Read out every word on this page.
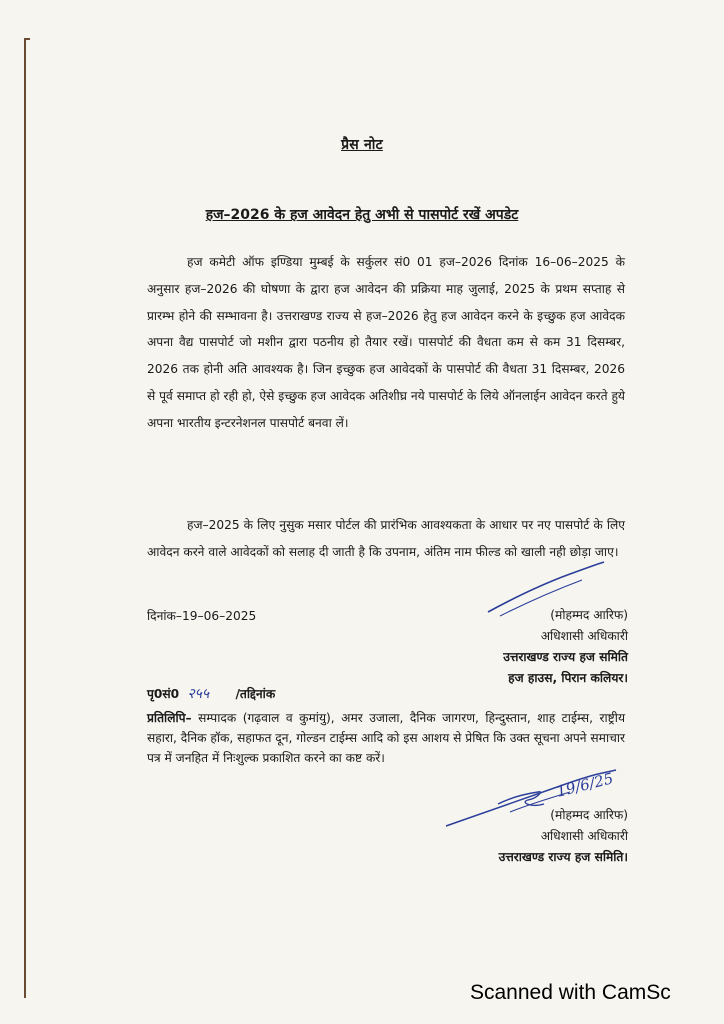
प्रैस नोट
हज–2026 के हज आवेदन हेतु अभी से पासपोर्ट रखें अपडेट
हज कमेटी ऑफ इण्डिया मुम्बई के सर्कुलर सं0 01 हज–2026 दिनांक 16–06–2025 के अनुसार हज–2026 की घोषणा के द्वारा हज आवेदन की प्रक्रिया माह जुलाई, 2025 के प्रथम सप्ताह से प्रारम्भ होने की सम्भावना है। उत्तराखण्ड राज्य से हज–2026 हेतु हज आवेदन करने के इच्छुक हज आवेदक अपना वैद्य पासपोर्ट जो मशीन द्वारा पठनीय हो तैयार रखें। पासपोर्ट की वैधता कम से कम 31 दिसम्बर, 2026 तक होनी अति आवश्यक है। जिन इच्छुक हज आवेदकों के पासपोर्ट की वैधता 31 दिसम्बर, 2026 से पूर्व समाप्त हो रही हो, ऐसे इच्छुक हज आवेदक अतिशीघ्र नये पासपोर्ट के लिये ऑनलाईन आवेदन करते हुये अपना भारतीय इन्टरनेशनल पासपोर्ट बनवा लें।
हज–2025 के लिए नुसुक मसार पोर्टल की प्रारंभिक आवश्यकता के आधार पर नए पासपोर्ट के लिए आवेदन करने वाले आवेदकों को सलाह दी जाती है कि उपनाम, अंतिम नाम फील्ड को खाली नही छोड़ा जाए।
दिनांक–19–06–2025	(मोहम्मद आरिफ)
अधिशासी अधिकारी
उत्तराखण्ड राज्य हज समिति
हज हाउस, पिरान कलियर।
पृ0सं0 २५५ /तद्दिनांक
प्रतिलिपि– सम्पादक (गढ़वाल व कुमांयु), अमर उजाला, दैनिक जागरण, हिन्दुस्तान, शाह टाईम्स, राष्ट्रीय सहारा, दैनिक हॉक, सहाफत दून, गोल्डन टाईम्स आदि को इस आशय से प्रेषित कि उक्त सूचना अपने समाचार पत्र में जनहित में निःशुल्क प्रकाशित करने का कष्ट करें।
19/6/25
(मोहम्मद आरिफ)
अधिशासी अधिकारी
उत्तराखण्ड राज्य हज समिति।
Scanned with CamSc
